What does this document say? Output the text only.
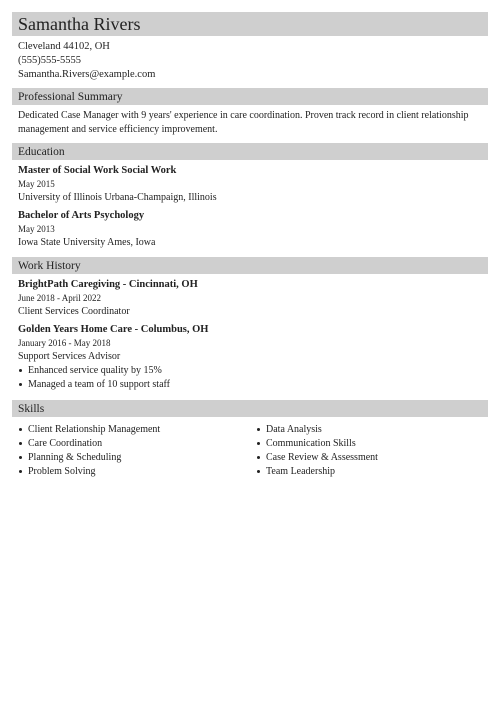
Samantha Rivers
Cleveland 44102, OH
(555)555-5555
Samantha.Rivers@example.com
Professional Summary
Dedicated Case Manager with 9 years' experience in care coordination. Proven track record in client relationship management and service efficiency improvement.
Education
Master of Social Work Social Work
May 2015
University of Illinois Urbana-Champaign, Illinois
Bachelor of Arts Psychology
May 2013
Iowa State University Ames, Iowa
Work History
BrightPath Caregiving - Cincinnati, OH
June 2018 - April 2022
Client Services Coordinator
Golden Years Home Care - Columbus, OH
January 2016 - May 2018
Support Services Advisor
Enhanced service quality by 15%
Managed a team of 10 support staff
Skills
Client Relationship Management
Care Coordination
Planning & Scheduling
Problem Solving
Data Analysis
Communication Skills
Case Review & Assessment
Team Leadership
